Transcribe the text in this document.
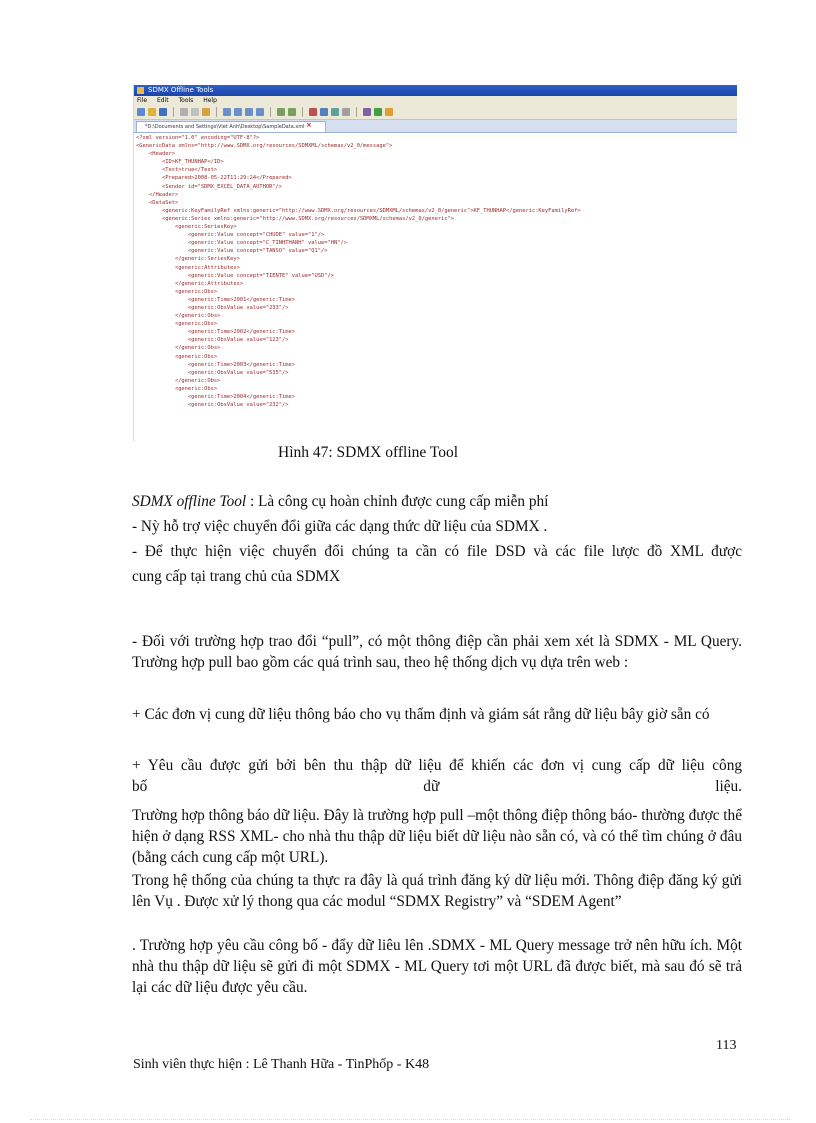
SDMX Offline Tools
File Edit Tools Help
*D:\Documents and Settings\Viet Anh\Desktop\SampleData.xml ×
<?xml version="1.0" encoding="UTF-8"?>
<GenericData xmlns="http://www.SDMX.org/resources/SDMXML/schemas/v2_0/message">
<Header>
<ID>KF_THUNHAP</ID>
<Test>true</Test>
<Prepared>2008-05-22T11:29:24</Prepared>
<Sender id="SDMX_EXCEL_DATA_AUTHOR"/>
</Header>
<DataSet>
<generic:KeyFamilyRef xmlns:generic="http://www.SDMX.org/resources/SDMXML/schemas/v2_0/generic">KF_THUNHAP</generic:KeyFamilyRef>
<generic:Series xmlns:generic="http://www.SDMX.org/resources/SDMXML/schemas/v2_0/generic">
<generic:SeriesKey>
<generic:Value concept="CHUDE" value="1"/>
<generic:Value concept="C_TINHTHANH" value="HN"/>
<generic:Value concept="TANSO" value="Q1"/>
</generic:SeriesKey>
<generic:Attributes>
<generic:Value concept="TIENTE" value="USD"/>
</generic:Attributes>
<generic:Obs>
<generic:Time>2001</generic:Time>
<generic:ObsValue value="233"/>
</generic:Obs>
<generic:Obs>
<generic:Time>2002</generic:Time>
<generic:ObsValue value="123"/>
</generic:Obs>
<generic:Obs>
<generic:Time>2003</generic:Time>
<generic:ObsValue value="535"/>
</generic:Obs>
<generic:Obs>
<generic:Time>2004</generic:Time>
<generic:ObsValue value="232"/>
Hình 47: SDMX offline Tool

SDMX offline Tool : Là công cụ hoàn chỉnh được cung cấp miễn phí

- Nỳ hỗ trợ việc chuyển đổi giữa các dạng thức dữ liệu của SDMX .

- Để thực hiện việc chuyển đổi chúng ta cần có file DSD và các file lược đồ XML được

cung cấp tại trang chủ của SDMX

- Đối với trường hợp trao đổi “pull”, có một thông điệp cần phải xem xét là SDMX - ML Query. Trường hợp pull bao gồm các quá trình sau, theo hệ thống dịch vụ dựa trên web :

+ Các đơn vị cung dữ liệu thông báo cho vụ thẩm định và giám sát rằng dữ liệu bây giờ sẵn có

+ Yêu cầu được gửi bởi bên thu thập dữ liệu để khiến các đơn vị cung cấp dữ liệu công

bố dữ liệu.

Trường hợp thông báo dữ liệu. Đây là trường hợp pull –một thông điệp thông báo- thường được thể hiện ở dạng RSS XML- cho nhà thu thập dữ liệu biết dữ liệu nào sẵn có, và có thể tìm chúng ở đâu (bằng cách cung cấp một URL).

Trong hệ thống của chúng ta thực ra đây là quá trình đăng ký dữ liệu mới. Thông điệp đăng ký gửi lên Vụ . Được xử lý thong qua các modul “SDMX Registry” và “SDEM Agent”

. Trường hợp yêu cầu công bố - đẩy dữ liêu lên .SDMX - ML Query message trở nên hữu ích. Một nhà thu thập dữ liệu sẽ gửi đi một SDMX - ML Query tơi một URL đã được biết, mà sau đó sẽ trả lại các dữ liệu được yêu cầu.

113
Sinh viên thực hiện : Lê Thanh Hữa - TinPhốp - K48
